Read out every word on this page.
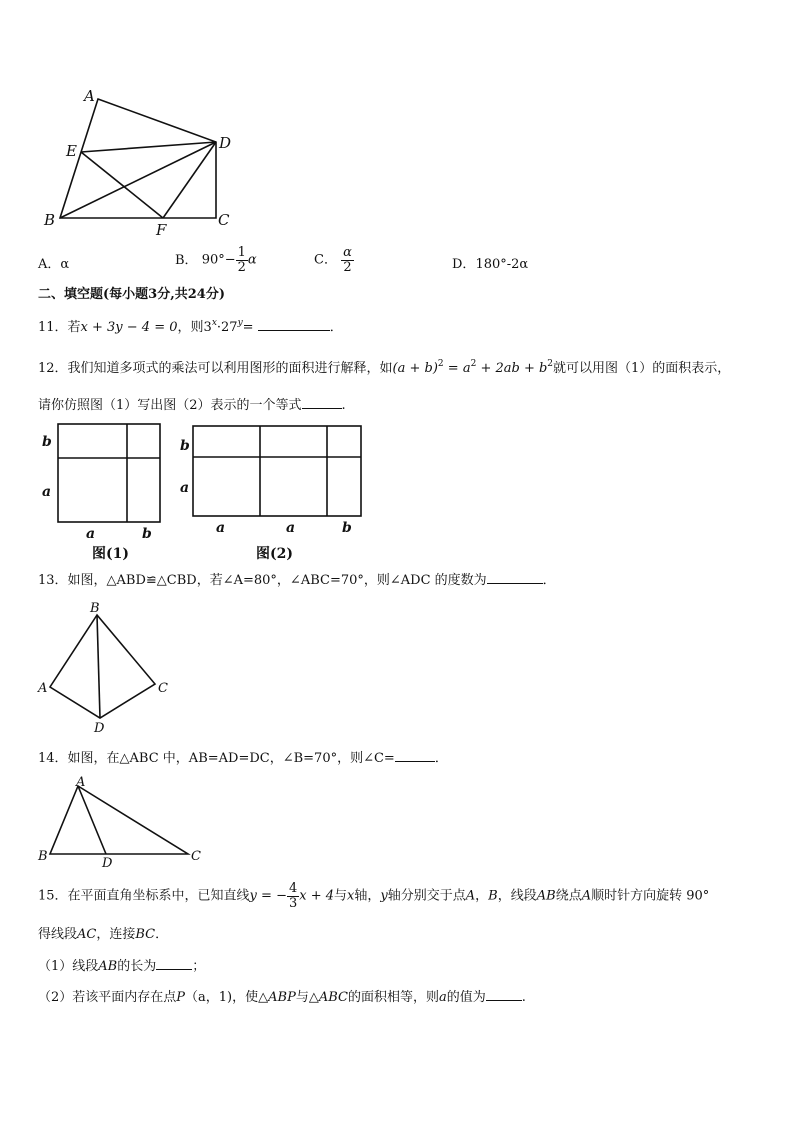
A
E	D
B
F
C
A．α	B． $90^\circ- \frac{1}{2}$ α	C． $\frac{\alpha}{2}$	D．180°-2α
二、填空题(每小题3分,共24分)
11．若x + 3y − 4 = 0，则$3^x\cdot 27^y=$	．
12．我们知道多项式的乘法可以利用图形的面积进行解释，如$(a + b)^2 = a^2 + 2ab + b^2$就可以用图（1）的面积表示，
请你仿照图（1）写出图（2）表示的一个等式	.
b
a
a	b
图(1)
b
a
a	a	b
图(2)
13．如图，△ABD≌△CBD，若∠A=80°，∠ABC=70°，则∠ADC 的度数为	．
B
A	C
D
14．如图，在△ABC 中，AB=AD=DC，∠B=70°，则∠C=	．
A
B	D	C
15．在平面直角坐标系中，已知直线y = − $\frac{4}{3}$ x + 4与x轴，y轴分别交于点A，B，线段AB绕点A顺时针方向旋转 90°
得线段AC，连接BC．
（1）线段AB的长为	；
（2）若该平面内存在点P（a，1)，使△ABP与△ABC的面积相等，则a的值为	.
